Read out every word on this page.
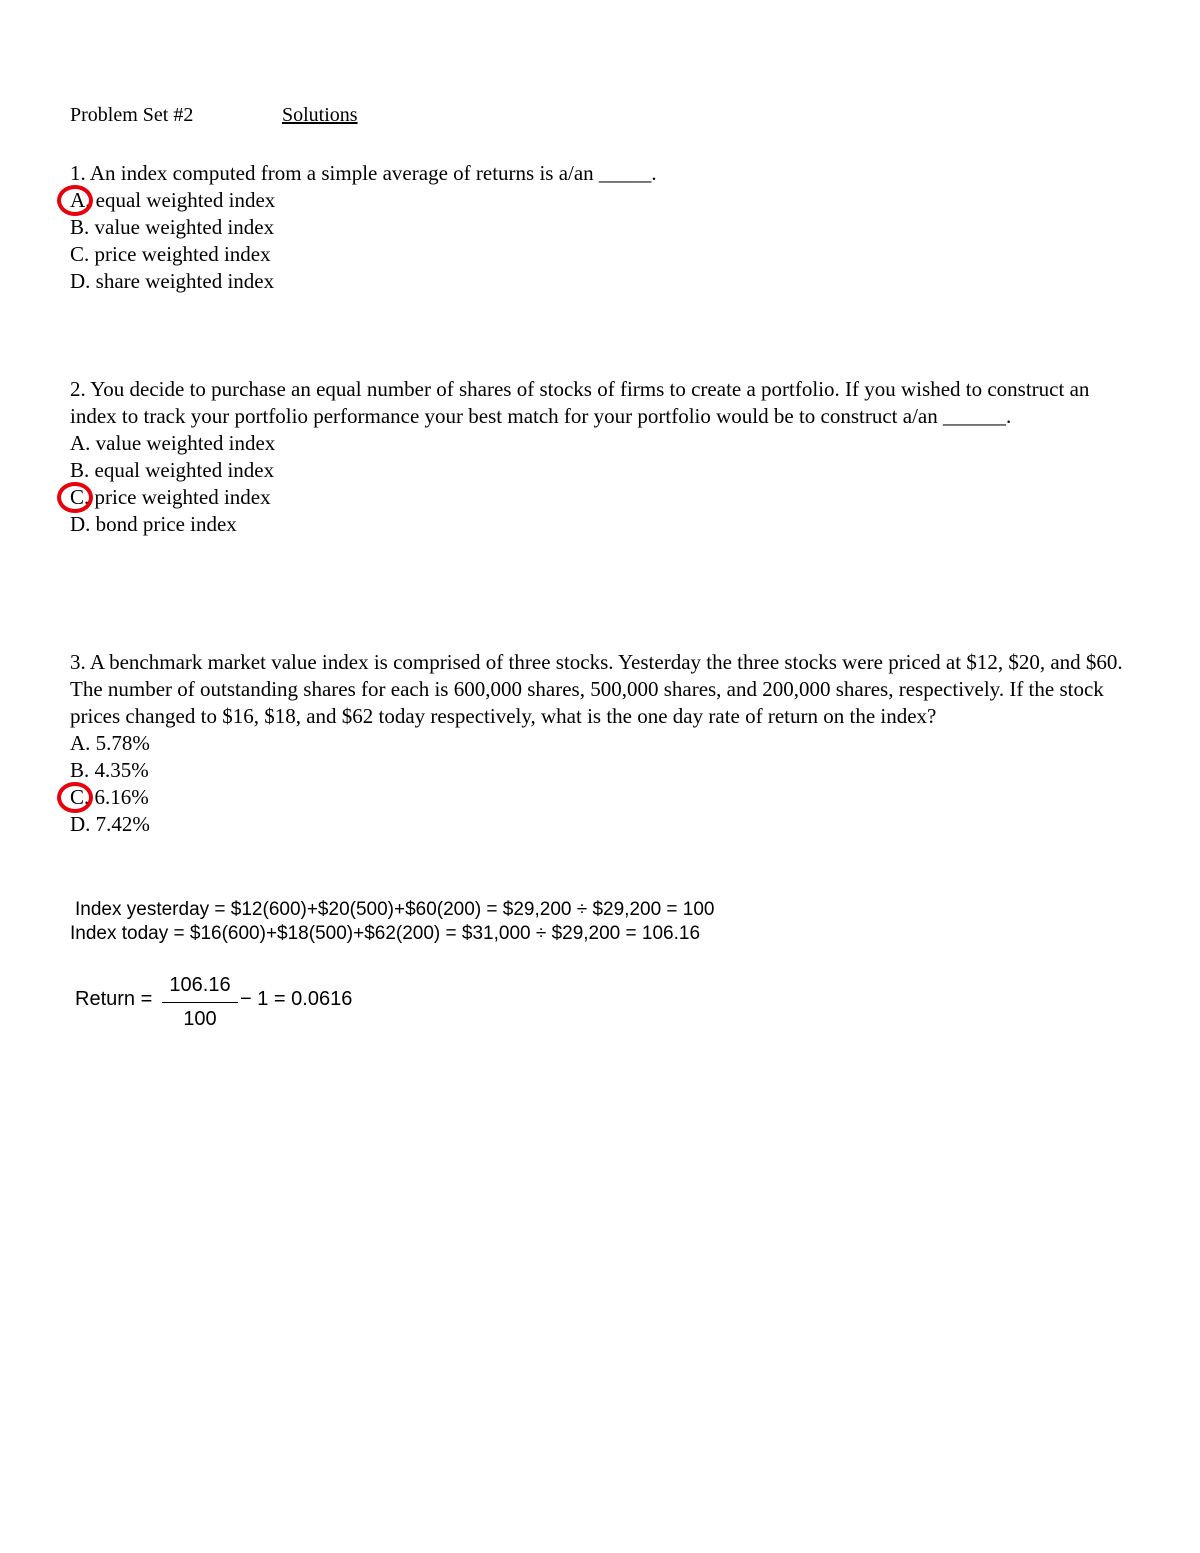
Problem Set #2	Solutions

1. An index computed from a simple average of returns is a/an _____.

A. equal weighted index

B. value weighted index

C. price weighted index

D. share weighted index

2. You decide to purchase an equal number of shares of stocks of firms to create a portfolio. If you wished to construct an index to track your portfolio performance your best match for your portfolio would be to construct a/an ______.

A. value weighted index

B. equal weighted index

C. price weighted index

D. bond price index

3. A benchmark market value index is comprised of three stocks. Yesterday the three stocks were priced at $12, $20, and $60. The number of outstanding shares for each is 600,000 shares, 500,000 shares, and 200,000 shares, respectively. If the stock prices changed to $16, $18, and $62 today respectively, what is the one day rate of return on the index?

A. 5.78%

B. 4.35%

C. 6.16%

D. 7.42%

Index yesterday = $12(600)+$20(500)+$60(200) = $29,200 ÷ $29,200 = 100
Index today = $16(600)+$18(500)+$62(200) = $31,000 ÷ $29,200 = 106.16
Return =
106.16
100
− 1 = 0.0616
